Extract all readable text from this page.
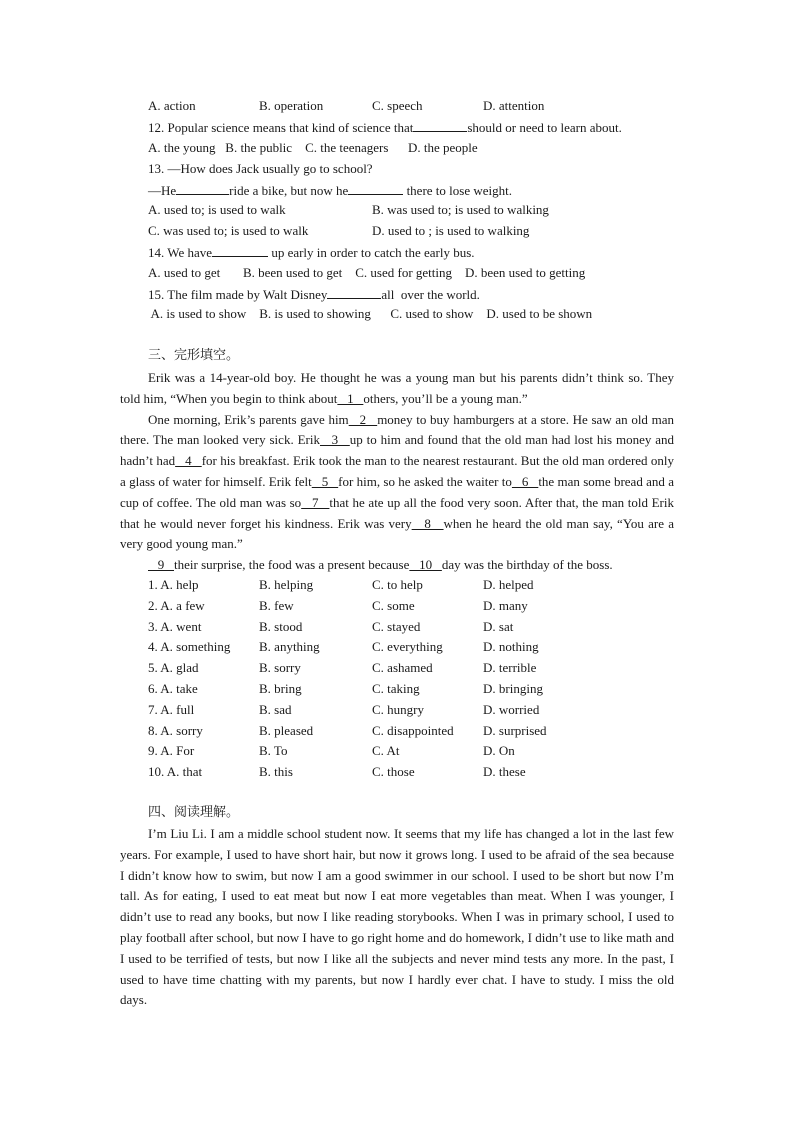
A. action	B. operation	C. speech	D. attention
12. Popular science means that kind of science that	should or need to learn about.
A. the young   B. the public    C. the teenagers      D. the people
13. —How does Jack usually go to school?
—He	ride a bike, but now he	there to lose weight.
A. used to; is used to walk	B. was used to; is used to walking
C. was used to; is used to walk	D. used to ; is used to walking
14. We have	up early in order to catch the early bus.
A. used to get       B. been used to get    C. used for getting    D. been used to getting
15. The film made by Walt Disney	all  over the world.
A. is used to show    B. is used to showing      C. used to show    D. used to be shown
三、完形填空。

Erik was a 14-year-old boy. He thought he was a young man but his parents didn’t think so. They told him, “When you begin to think about   1   others, you’ll be a young man.”

One morning, Erik’s parents gave him   2   money to buy hamburgers at a store. He saw an old man there. The man looked very sick. Erik   3   up to him and found that the old man had lost his money and hadn’t had   4   for his breakfast. Erik took the man to the nearest restaurant. But the old man ordered only a glass of water for himself. Erik felt   5   for him, so he asked the waiter to   6   the man some bread and a cup of coffee. The old man was so   7   that he ate up all the food very soon. After that, the man told Erik that he would never forget his kindness. Erik was very   8   when he heard the old man say, “You are a very good young man.”

9   their surprise, the food was a present because   10   day was the birthday of the boss.

1. A. help	B. helping	C. to help	D. helped
2. A. a few	B. few	C. some	D. many
3. A. went	B. stood	C. stayed	D. sat
4. A. something B. anything	C. everything	D. nothing
5. A. glad	B. sorry	C. ashamed	D. terrible
6. A. take	B. bring	C. taking	D. bringing
7. A. full	B. sad	C. hungry	D. worried
8. A. sorry	B. pleased	C. disappointed D. surprised
9. A. For	B. To	C. At	D. On
10. A. that	B. this	C. those	D. these
四、阅读理解。

I’m Liu Li. I am a middle school student now. It seems that my life has changed a lot in the last few years. For example, I used to have short hair, but now it grows long. I used to be afraid of the sea because I didn’t know how to swim, but now I am a good swimmer in our school. I used to be short but now I’m tall. As for eating, I used to eat meat but now I eat more vegetables than meat. When I was younger, I didn’t use to read any books, but now I like reading storybooks. When I was in primary school, I used to play football after school, but now I have to go right home and do homework, I didn’t use to like math and I used to be terrified of tests, but now I like all the subjects and never mind tests any more. In the past, I used to have time chatting with my parents, but now I hardly ever chat. I have to study. I miss the old days.
